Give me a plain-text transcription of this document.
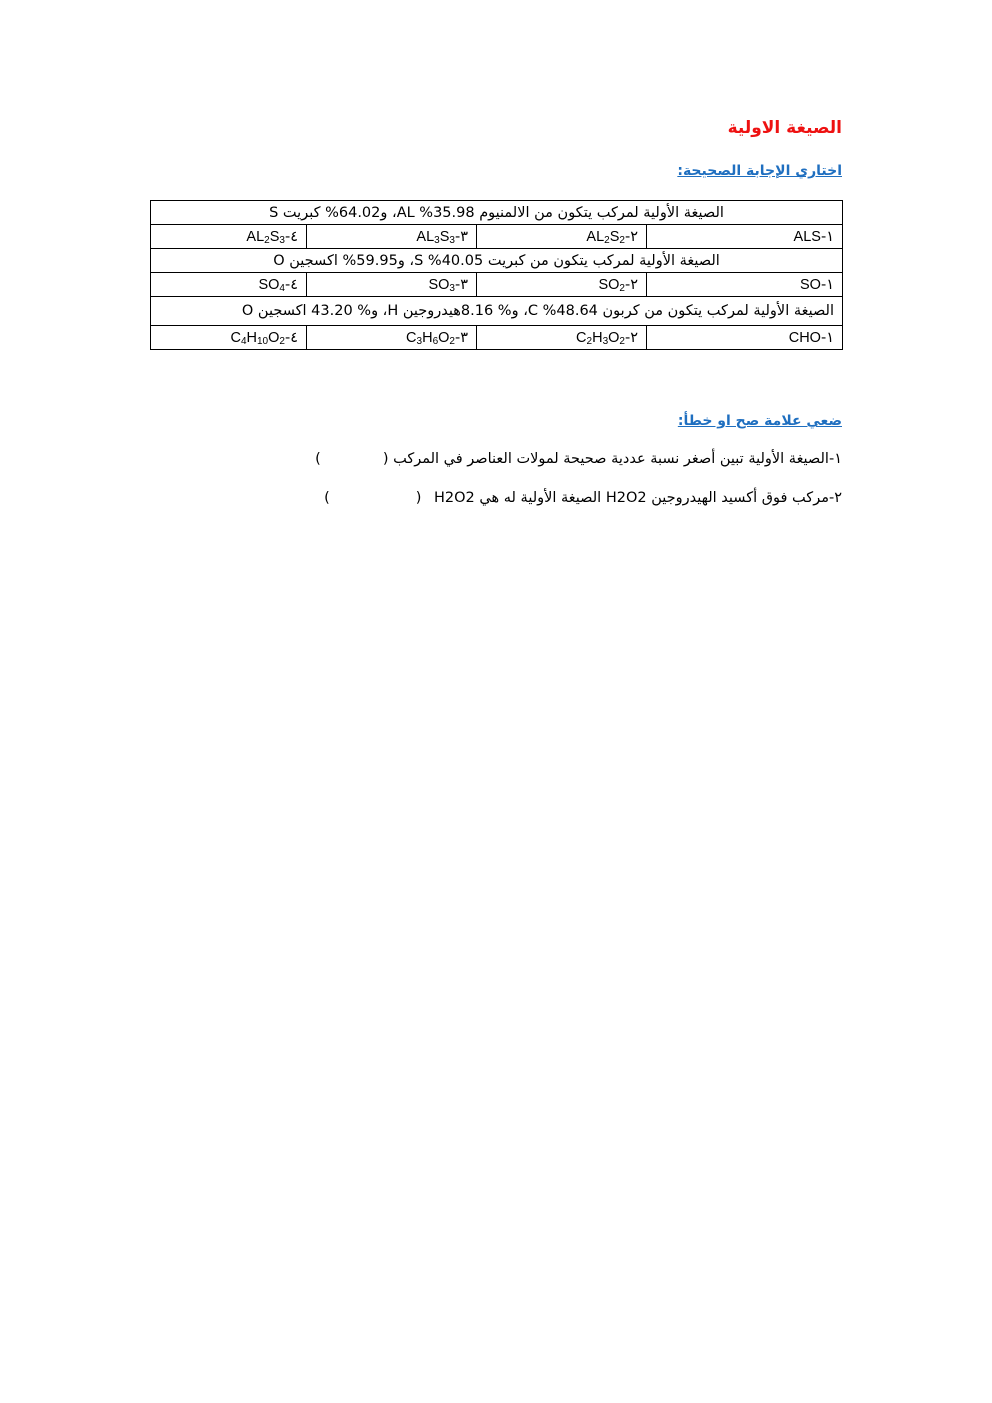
الصيغة الاولية
اختاري الإجابة الصحيحة:
الصيغة الأولية لمركب يتكون من الالمنيوم AL %35.98، و64.02% كبريت S			
١-ALS	$٢-AL_2S_2$	$٣-AL_3S_3$	$٤-AL_2S_3$
الصيغة الأولية لمركب يتكون من كبريت S %40.05، و59.95% اكسجين O			
١-SO	$٢-SO_2$	$٣-SO_3$	$٤-SO_4$
الصيغة الأولية لمركب يتكون من كربون C %48.64، و% 8.16هيدروجين H، و% 43.20 اكسجين O			
١-CHO	$٢-C_2H_3O_2$	$٣-C_3H_6O_2$	$٤-C_4H_{10}O_2$
ضعي علامة صح او خطأ:
١-الصيغة الأولية تبين أصغر نسبة عددية صحيحة لمولات العناصر في المركب ()
٢-مركب فوق أكسيد الهيدروجين H2O2 الصيغة الأولية له هي H2O2 ()
